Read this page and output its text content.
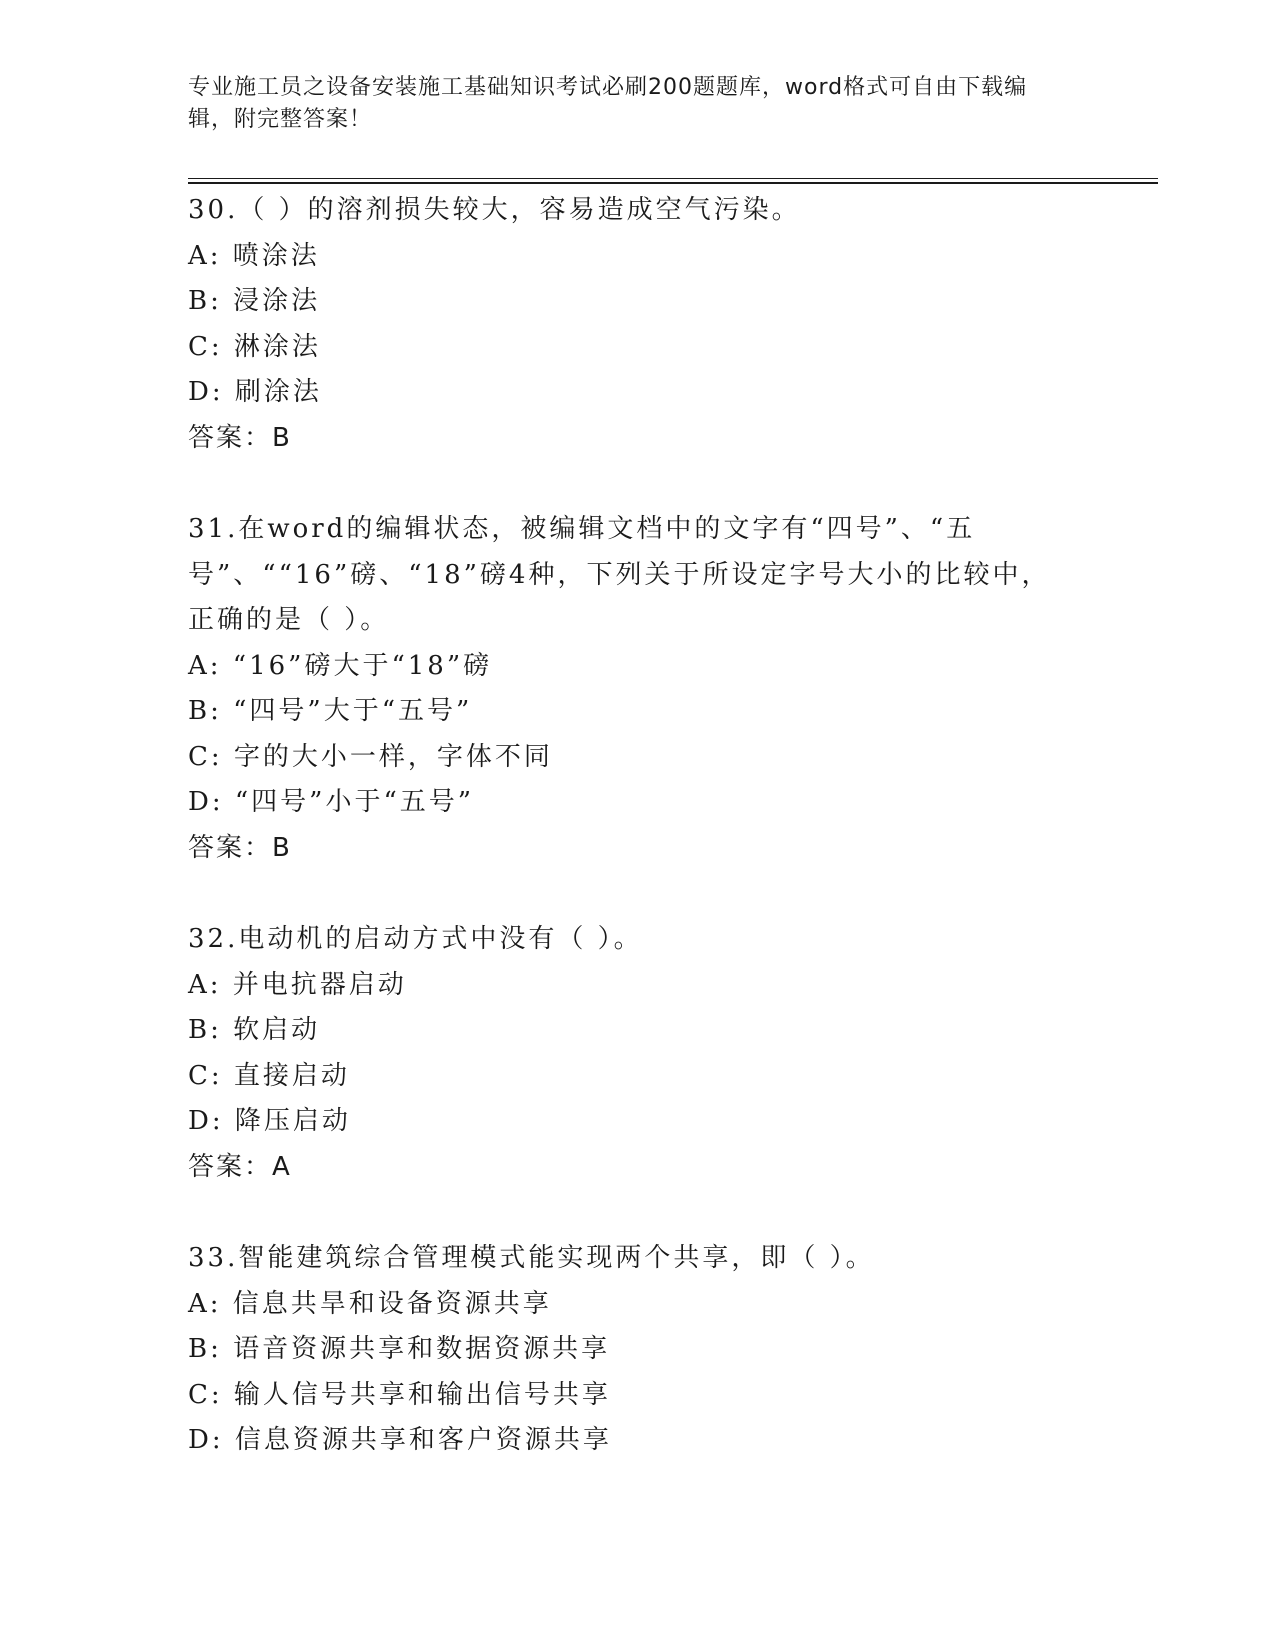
专业施工员之设备安装施工基础知识考试必刷200题题库，word格式可自由下载编辑，附完整答案！
30.（ ）的溶剂损失较大，容易造成空气污染。
A: 喷涂法
B: 浸涂法
C: 淋涂法
D: 刷涂法
答案：B
31.在word的编辑状态，被编辑文档中的文字有“四号”、“五号”、““16”磅、“18”磅4种，下列关于所设定字号大小的比较中，正确的是（ ）。
A: “16”磅大于“18”磅
B: “四号”大于“五号”
C: 字的大小一样，字体不同
D: “四号”小于“五号”
答案：B
32.电动机的启动方式中没有（ ）。
A: 并电抗器启动
B: 软启动
C: 直接启动
D: 降压启动
答案：A
33.智能建筑综合管理模式能实现两个共享，即（ ）。
A: 信息共旱和设备资源共享
B: 语音资源共享和数据资源共享
C: 输人信号共享和输出信号共享
D: 信息资源共享和客户资源共享
